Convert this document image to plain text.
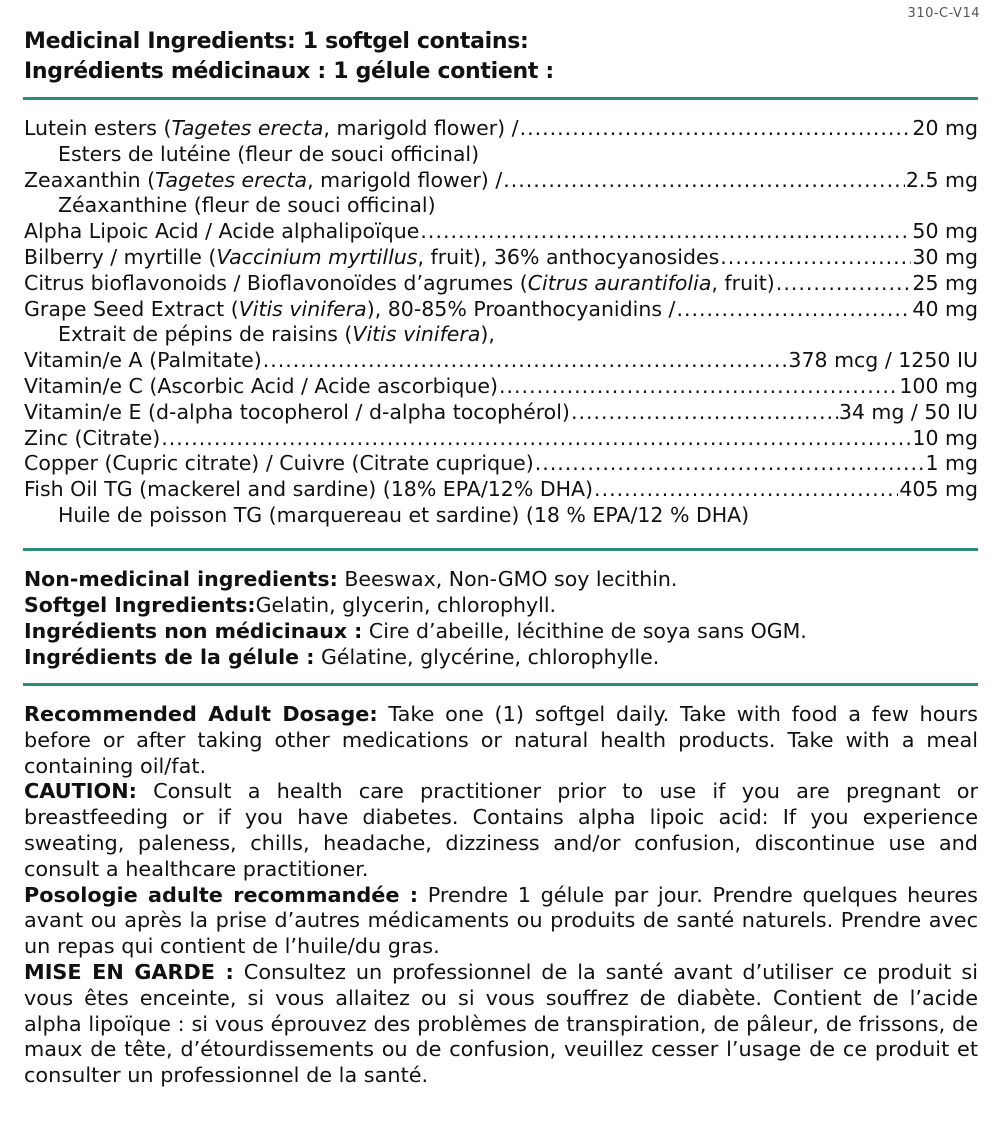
310-C-V14
Medicinal Ingredients: 1 softgel contains:
Ingrédients médicinaux : 1 gélule contient :
Lutein esters (Tagetes erecta, marigold flower) / .....	20 mg
Esters de lutéine (fleur de souci officinal)
Zeaxanthin (Tagetes erecta, marigold flower) / .....	2.5 mg
Zéaxanthine (fleur de souci officinal)
Alpha Lipoic Acid / Acide alphalipoïque .....	50 mg
Bilberry / myrtille (Vaccinium myrtillus, fruit), 36% anthocyanosides .....	30 mg
Citrus bioflavonoids / Bioflavonoïdes d’agrumes (Citrus aurantifolia, fruit) .....	25 mg
Grape Seed Extract (Vitis vinifera), 80-85% Proanthocyanidins / .....	40 mg
Extrait de pépins de raisins (Vitis vinifera),
Vitamin/e A (Palmitate) .....	378 mcg / 1250 IU
Vitamin/e C (Ascorbic Acid / Acide ascorbique) .....	100 mg
Vitamin/e E (d-alpha tocopherol / d-alpha tocophérol) .....	34 mg / 50 IU
Zinc (Citrate) .....	10 mg
Copper (Cupric citrate) / Cuivre (Citrate cuprique) .....	1 mg
Fish Oil TG (mackerel and sardine) (18% EPA/12% DHA) .....	405 mg
Huile de poisson TG (marquereau et sardine) (18 % EPA/12 % DHA)

Non-medicinal ingredients: Beeswax, Non-GMO soy lecithin.

Softgel Ingredients:Gelatin, glycerin, chlorophyll.

Ingrédients non médicinaux : Cire d’abeille, lécithine de soya sans OGM.

Ingrédients de la gélule : Gélatine, glycérine, chlorophylle.

Recommended Adult Dosage: Take one (1) softgel daily. Take with food a few hours before or after taking other medications or natural health products. Take with a meal containing oil/fat.

CAUTION: Consult a health care practitioner prior to use if you are pregnant or breastfeeding or if you have diabetes. Contains alpha lipoic acid: If you experience sweating, paleness, chills, headache, dizziness and/or confusion, discontinue use and consult a healthcare practitioner.

Posologie adulte recommandée : Prendre 1 gélule par jour. Prendre quelques heures avant ou après la prise d’autres médicaments ou produits de santé naturels. Prendre avec un repas qui contient de l’huile/du gras.

MISE EN GARDE : Consultez un professionnel de la santé avant d’utiliser ce produit si vous êtes enceinte, si vous allaitez ou si vous souffrez de diabète. Contient de l’acide alpha lipoïque : si vous éprouvez des problèmes de transpiration, de pâleur, de frissons, de maux de tête, d’étourdissements ou de confusion, veuillez cesser l’usage de ce produit et consulter un professionnel de la santé.
